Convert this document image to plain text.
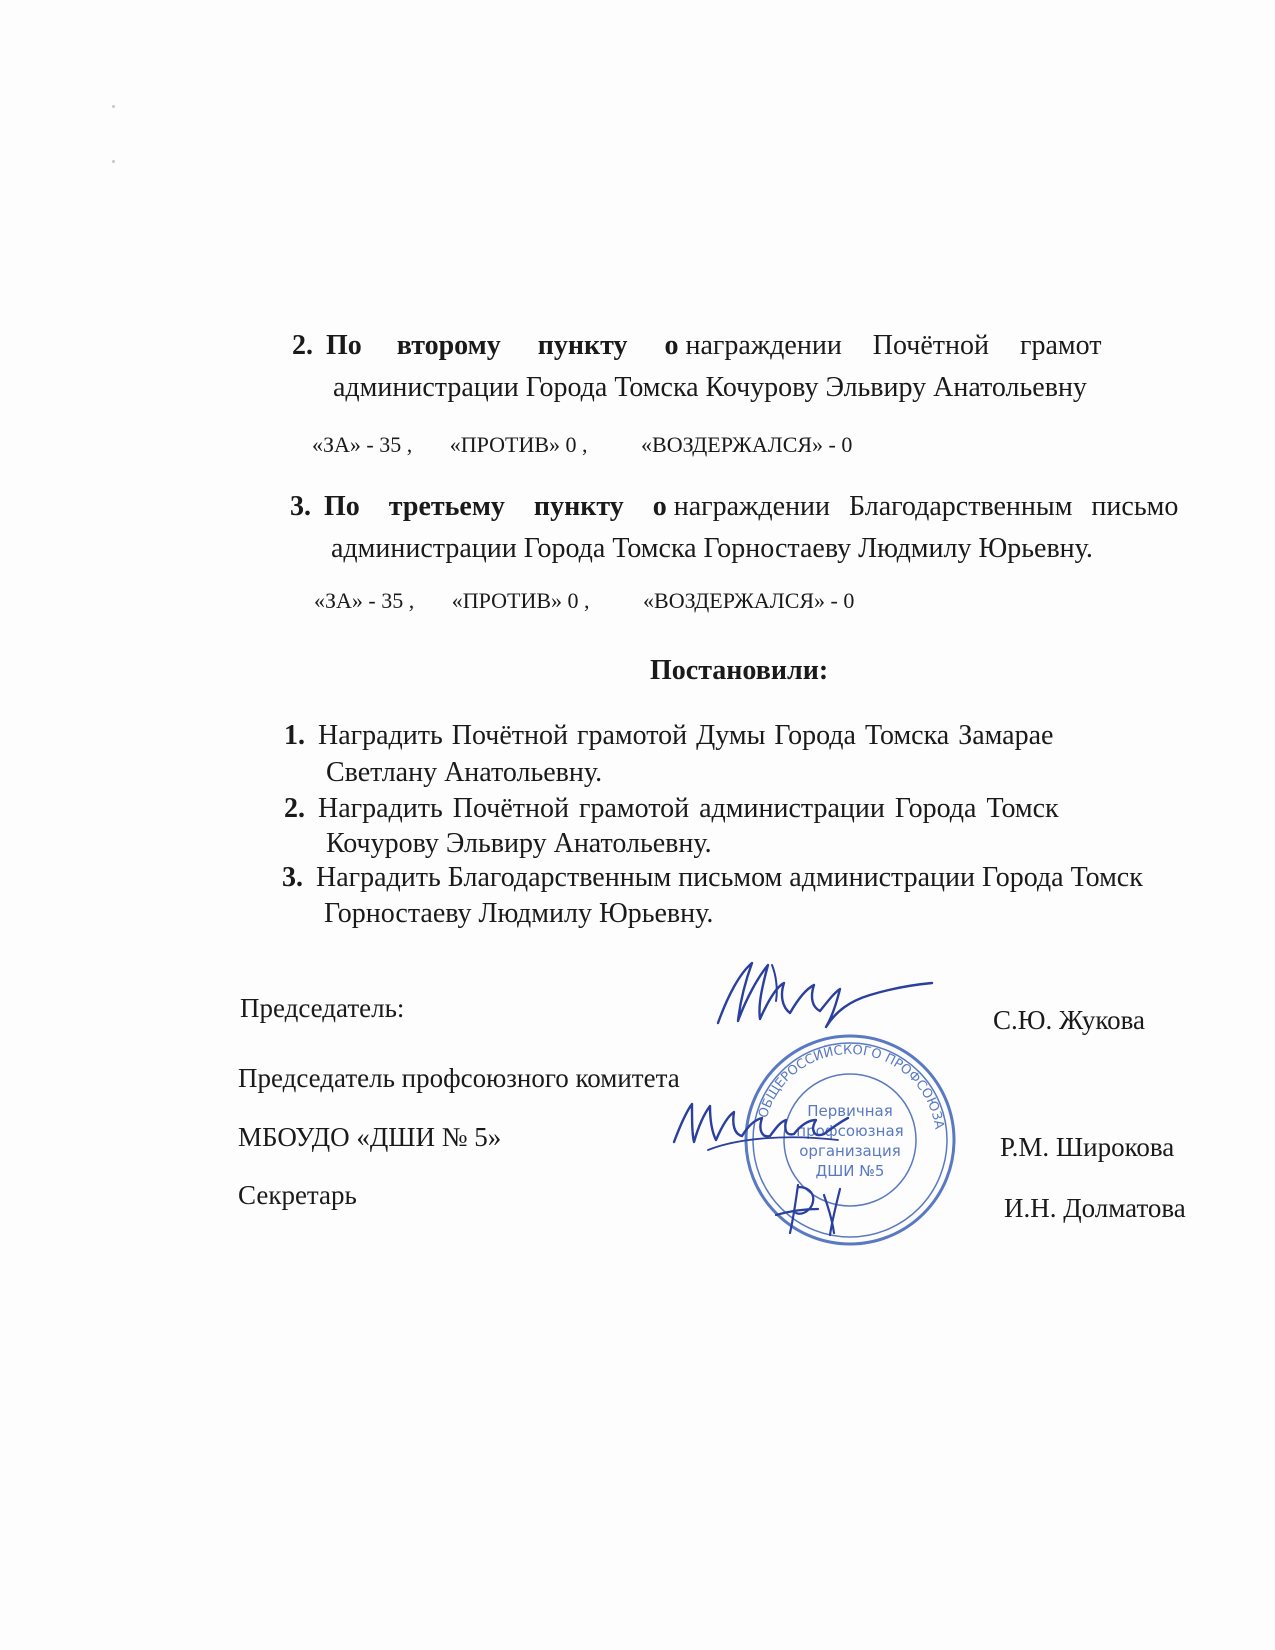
2. По второму пункту о награждении Почётной грамот
администрации Города Томска Кочурову Эльвиру Анатольевну
«ЗА» - 35 , «ПРОТИВ» 0 , «ВОЗДЕРЖАЛСЯ» - 0
3. По третьему пункту о награждении Благодарственным письмо
администрации Города Томска Горностаеву Людмилу Юрьевну.
«ЗА» - 35 , «ПРОТИВ» 0 , «ВОЗДЕРЖАЛСЯ» - 0
Постановили:
1. Наградить Почётной грамотой Думы Города Томска Замарае
Светлану Анатольевну.
2. Наградить Почётной грамотой администрации Города Томск
Кочурову Эльвиру Анатольевну.
3. Наградить Благодарственным письмом администрации Города Томск
Горностаеву Людмилу Юрьевну.
Председатель:	С.Ю. Жукова
Председатель профсоюзного комитета
МБОУДО «ДШИ № 5»	Р.М. Широкова
Секретарь	И.Н. Долматова
ОБЩЕРОССИЙСКОГО ПРОФСОЮЗА
Первичная
профсоюзная
организация
ДШИ №5
